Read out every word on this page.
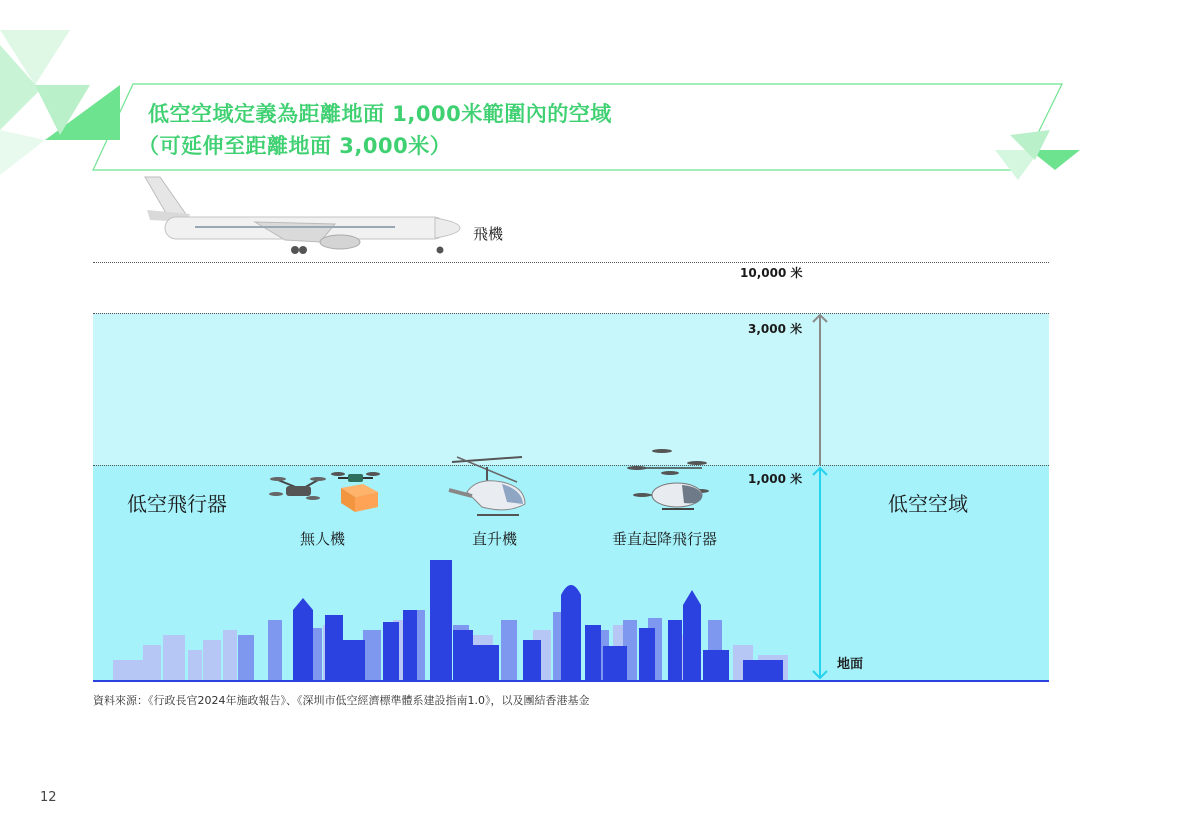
低空空域定義為距離地面 1,000米範圍內的空域
（可延伸至距離地面 3,000米）
飛機
10,000 米
3,000 米
1,000 米
低空飛行器	低空空域
無人機	直升機	垂直起降飛行器
地面
資料來源：《行政長官2024年施政報告》、《深圳市低空經濟標準體系建設指南1.0》，以及團結香港基金
12
